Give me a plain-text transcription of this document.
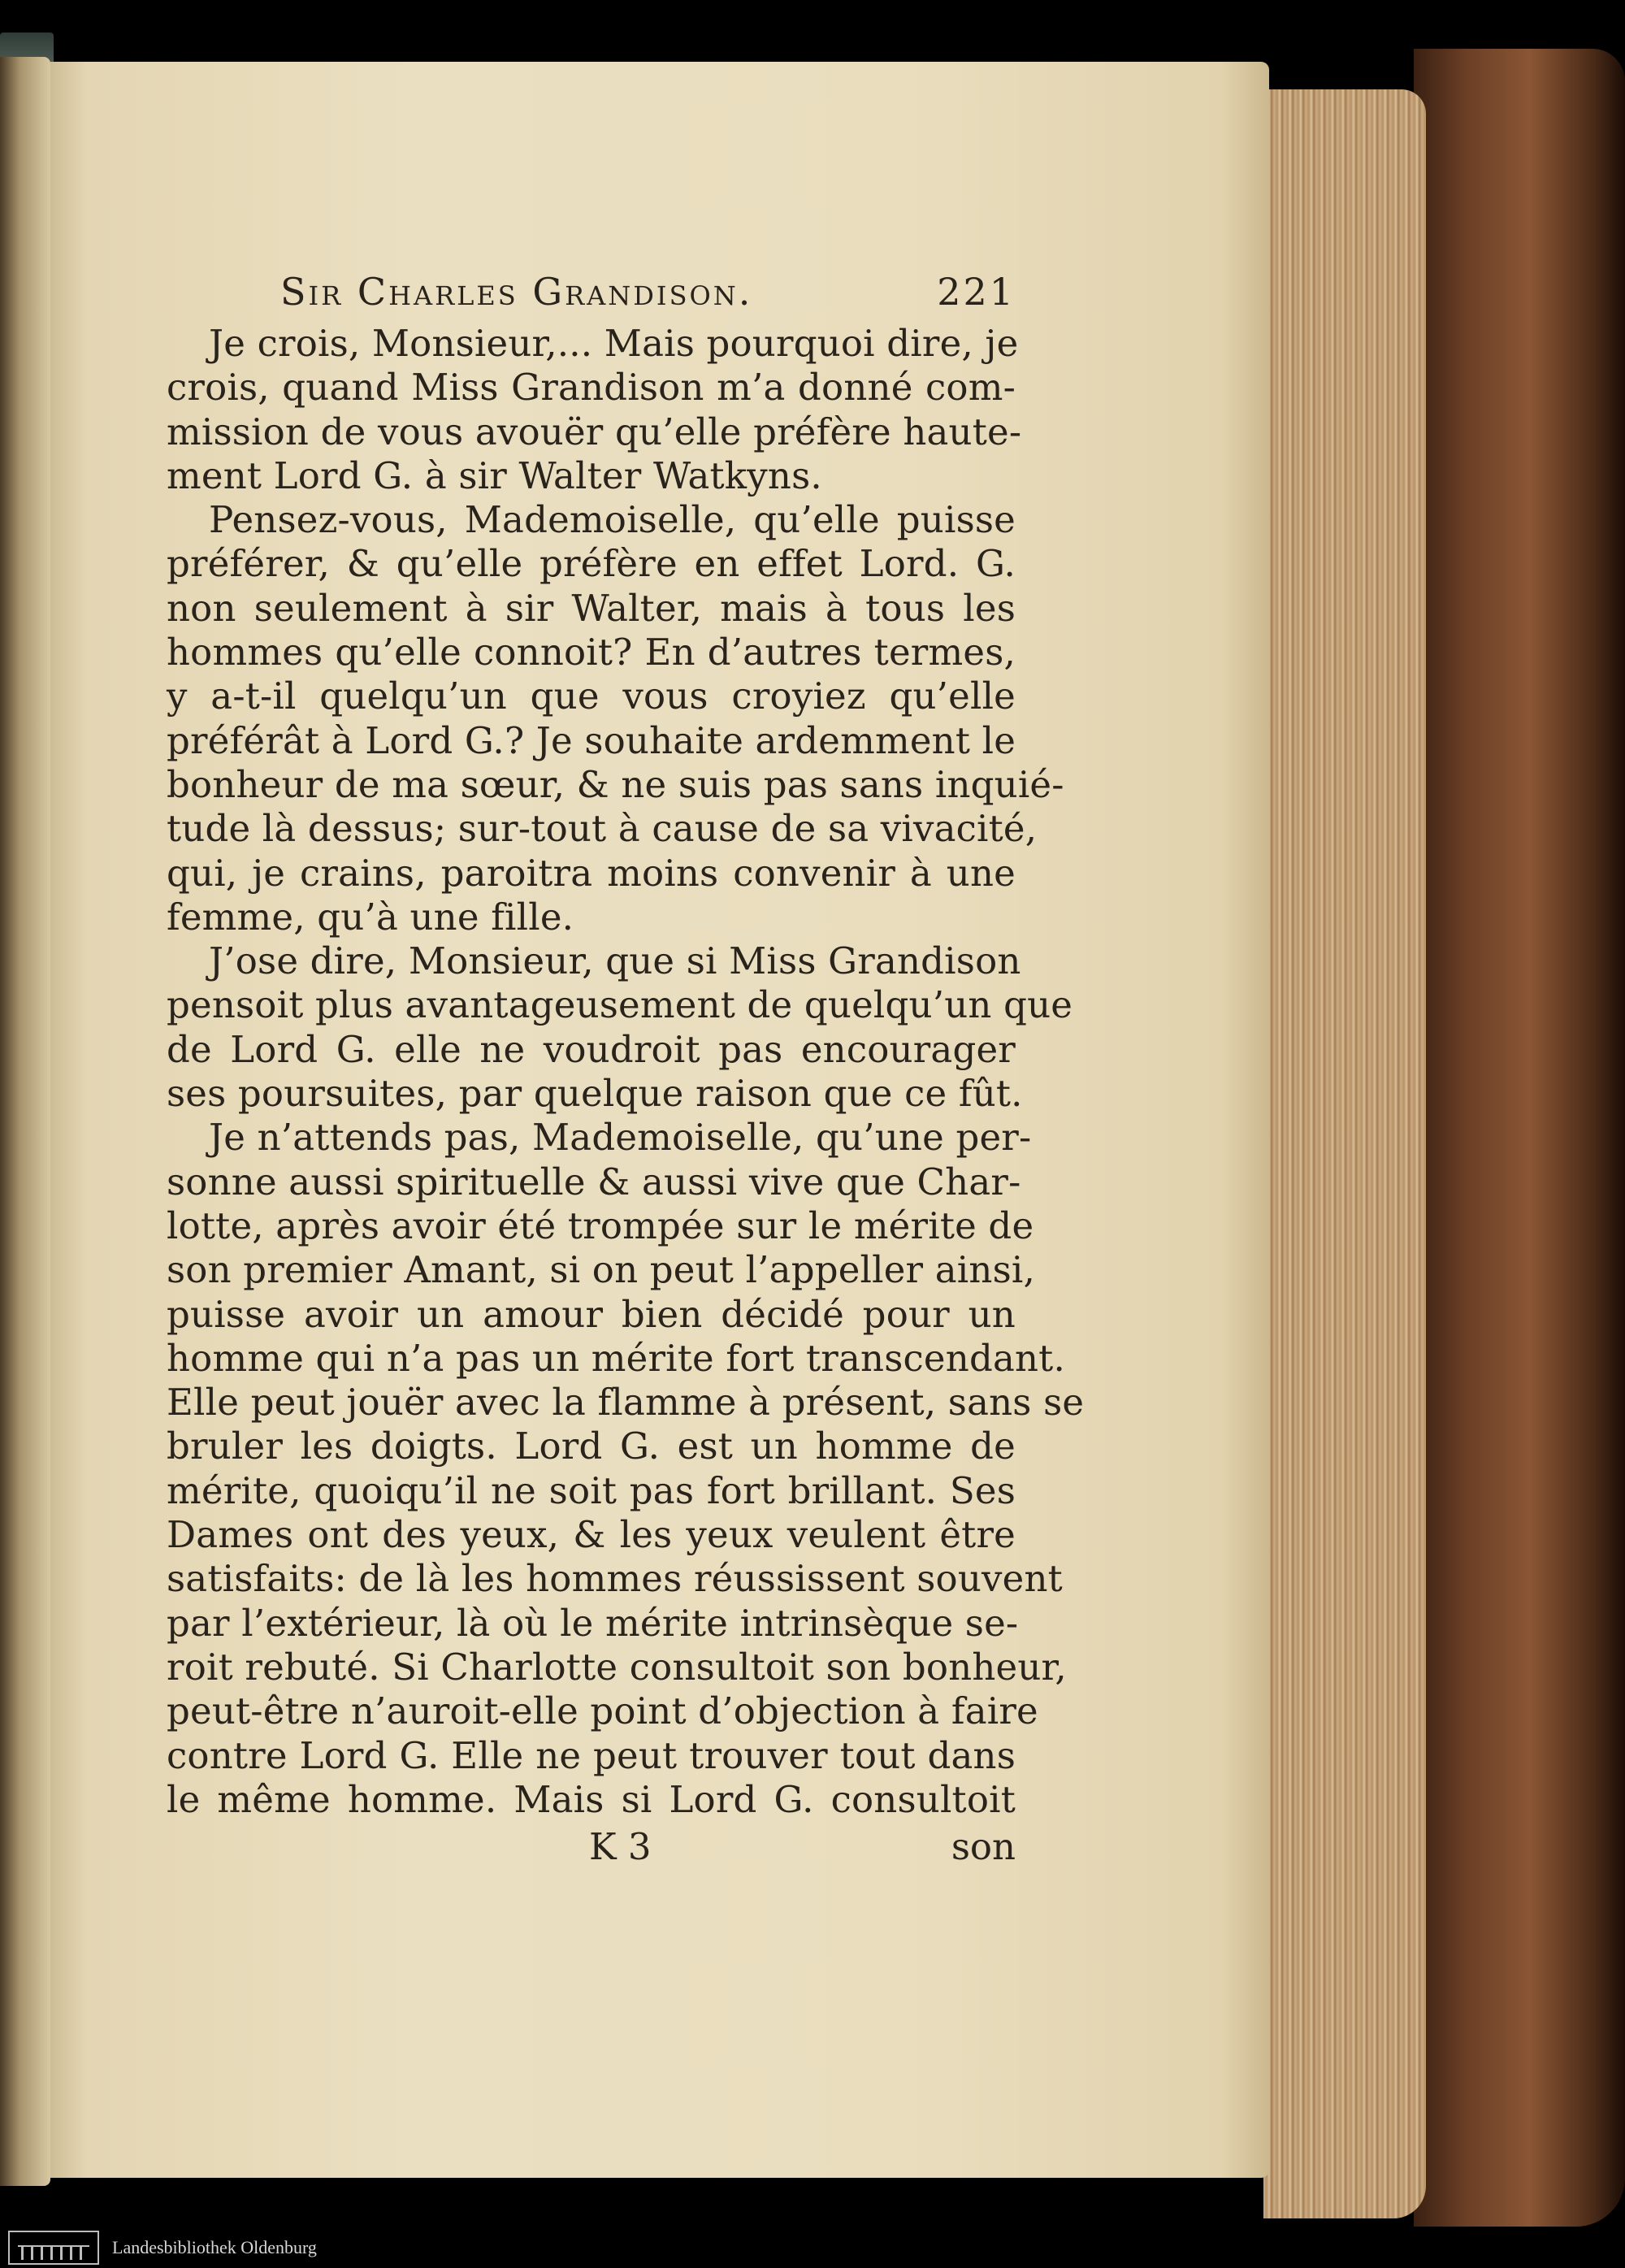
Sir Charles Grandison.	221
Je crois, Monsieur,... Mais pourquoi dire, je
crois, quand Miss Grandison m’a donné com-
mission de vous avouër qu’elle préfère haute-
ment Lord G. à sir Walter Watkyns.
Pensez-vous, Mademoiselle, qu’elle puisse
préférer, & qu’elle préfère en effet Lord. G.
non seulement à sir Walter, mais à tous les
hommes qu’elle connoit? En d’autres termes,
y a-t-il quelqu’un que vous croyiez qu’elle
préférât à Lord G.? Je souhaite ardemment le
bonheur de ma sœur, & ne suis pas sans inquié-
tude là dessus; sur-tout à cause de sa vivacité,
qui, je crains, paroitra moins convenir à une
femme, qu’à une fille.
J’ose dire, Monsieur, que si Miss Grandison
pensoit plus avantageusement de quelqu’un que
de Lord G. elle ne voudroit pas encourager
ses poursuites, par quelque raison que ce fût.
Je n’attends pas, Mademoiselle, qu’une per-
sonne aussi spirituelle & aussi vive que Char-
lotte, après avoir été trompée sur le mérite de
son premier Amant, si on peut l’appeller ainsi,
puisse avoir un amour bien décidé pour un
homme qui n’a pas un mérite fort transcendant.
Elle peut jouër avec la flamme à présent, sans se
bruler les doigts. Lord G. est un homme de
mérite, quoiqu’il ne soit pas fort brillant. Ses
Dames ont des yeux, & les yeux veulent être
satisfaits: de là les hommes réussissent souvent
par l’extérieur, là où le mérite intrinsèque se-
roit rebuté. Si Charlotte consultoit son bonheur,
peut-être n’auroit-elle point d’objection à faire
contre Lord G. Elle ne peut trouver tout dans
le même homme. Mais si Lord G. consultoit
K 3	son
Landesbibliothek Oldenburg
